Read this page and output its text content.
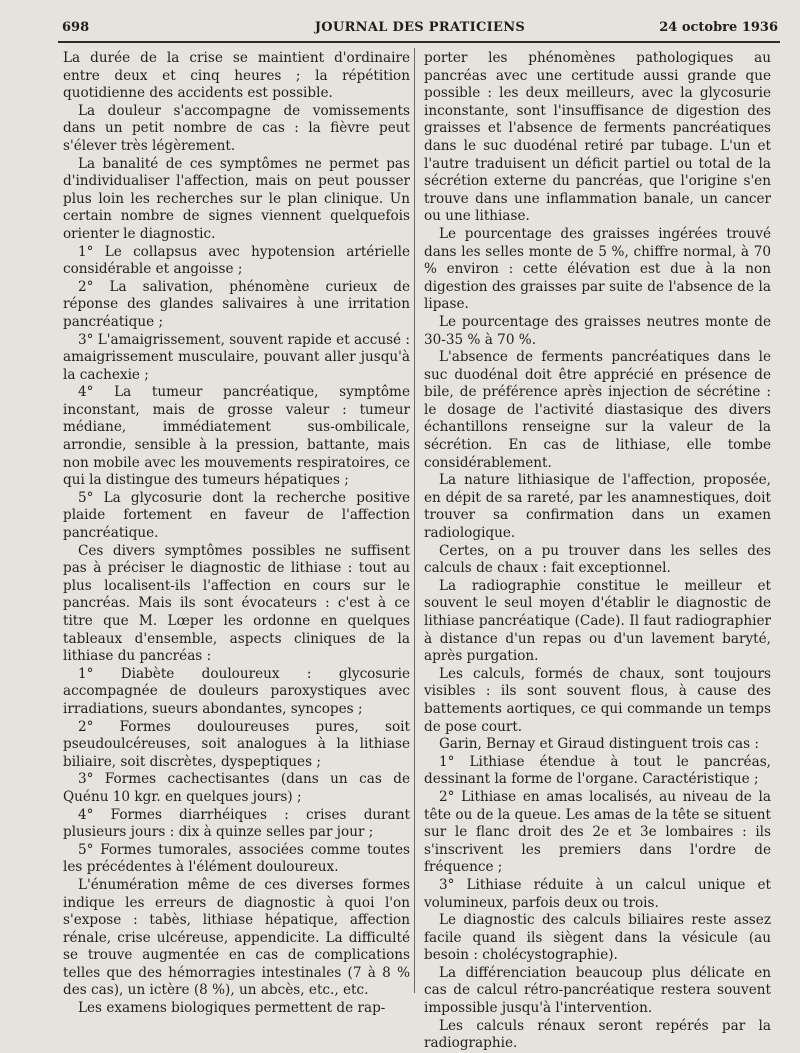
698	JOURNAL DES PRATICIENS	24 octobre 1936

La durée de la crise se maintient d'ordinaire entre deux et cinq heures ; la répétition quotidienne des accidents est possible.

La douleur s'accompagne de vomissements dans un petit nombre de cas : la fièvre peut s'élever très légèrement.

La banalité de ces symptômes ne permet pas d'individualiser l'affection, mais on peut pousser plus loin les recherches sur le plan clinique. Un certain nombre de signes viennent quelquefois orienter le diagnostic.

1° Le collapsus avec hypotension artérielle considérable et angoisse ;

2° La salivation, phénomène curieux de réponse des glandes salivaires à une irritation pancréatique ;

3° L'amaigrissement, souvent rapide et accusé : amaigrissement musculaire, pouvant aller jusqu'à la cachexie ;

4° La tumeur pancréatique, symptôme inconstant, mais de grosse valeur : tumeur médiane, immédiatement sus-ombilicale, arrondie, sensible à la pression, battante, mais non mobile avec les mouvements respiratoires, ce qui la distingue des tumeurs hépatiques ;

5° La glycosurie dont la recherche positive plaide fortement en faveur de l'affection pancréatique.

Ces divers symptômes possibles ne suffisent pas à préciser le diagnostic de lithiase : tout au plus localisent-ils l'affection en cours sur le pancréas. Mais ils sont évocateurs : c'est à ce titre que M. Lœper les ordonne en quelques tableaux d'ensemble, aspects cliniques de la lithiase du pancréas :

1° Diabète douloureux : glycosurie accompagnée de douleurs paroxystiques avec irradiations, sueurs abondantes, syncopes ;

2° Formes douloureuses pures, soit pseudoulcéreuses, soit analogues à la lithiase biliaire, soit discrètes, dyspeptiques ;

3° Formes cachectisantes (dans un cas de Quénu 10 kgr. en quelques jours) ;

4° Formes diarrhéiques : crises durant plusieurs jours : dix à quinze selles par jour ;

5° Formes tumorales, associées comme toutes les précédentes à l'élément douloureux.

L'énumération même de ces diverses formes indique les erreurs de diagnostic à quoi l'on s'expose : tabès, lithiase hépatique, affection rénale, crise ulcéreuse, appendicite. La difficulté se trouve augmentée en cas de complications telles que des hémorragies intestinales (7 à 8 % des cas), un ictère (8 %), un abcès, etc., etc.

Les examens biologiques permettent de rap-

porter les phénomènes pathologiques au pancréas avec une certitude aussi grande que possible : les deux meilleurs, avec la glycosurie inconstante, sont l'insuffisance de digestion des graisses et l'absence de ferments pancréatiques dans le suc duodénal retiré par tubage. L'un et l'autre traduisent un déficit partiel ou total de la sécrétion externe du pancréas, que l'origine s'en trouve dans une inflammation banale, un cancer ou une lithiase.

Le pourcentage des graisses ingérées trouvé dans les selles monte de 5 %, chiffre normal, à 70 % environ : cette élévation est due à la non digestion des graisses par suite de l'absence de la lipase.

Le pourcentage des graisses neutres monte de 30-35 % à 70 %.

L'absence de ferments pancréatiques dans le suc duodénal doit être apprécié en présence de bile, de préférence après injection de sécrétine : le dosage de l'activité diastasique des divers échantillons renseigne sur la valeur de la sécrétion. En cas de lithiase, elle tombe considérablement.

La nature lithiasique de l'affection, proposée, en dépit de sa rareté, par les anamnestiques, doit trouver sa confirmation dans un examen radiologique.

Certes, on a pu trouver dans les selles des calculs de chaux : fait exceptionnel.

La radiographie constitue le meilleur et souvent le seul moyen d'établir le diagnostic de lithiase pancréatique (Cade). Il faut radiographier à distance d'un repas ou d'un lavement baryté, après purgation.

Les calculs, formés de chaux, sont toujours visibles : ils sont souvent flous, à cause des battements aortiques, ce qui commande un temps de pose court.

Garin, Bernay et Giraud distinguent trois cas :

1° Lithiase étendue à tout le pancréas, dessinant la forme de l'organe. Caractéristique ;

2° Lithiase en amas localisés, au niveau de la tête ou de la queue. Les amas de la tête se situent sur le flanc droit des 2e et 3e lombaires : ils s'inscrivent les premiers dans l'ordre de fréquence ;

3° Lithiase réduite à un calcul unique et volumineux, parfois deux ou trois.

Le diagnostic des calculs biliaires reste assez facile quand ils siègent dans la vésicule (au besoin : cholécystographie).

La différenciation beaucoup plus délicate en cas de calcul rétro-pancréatique restera souvent impossible jusqu'à l'intervention.

Les calculs rénaux seront repérés par la radiographie.
